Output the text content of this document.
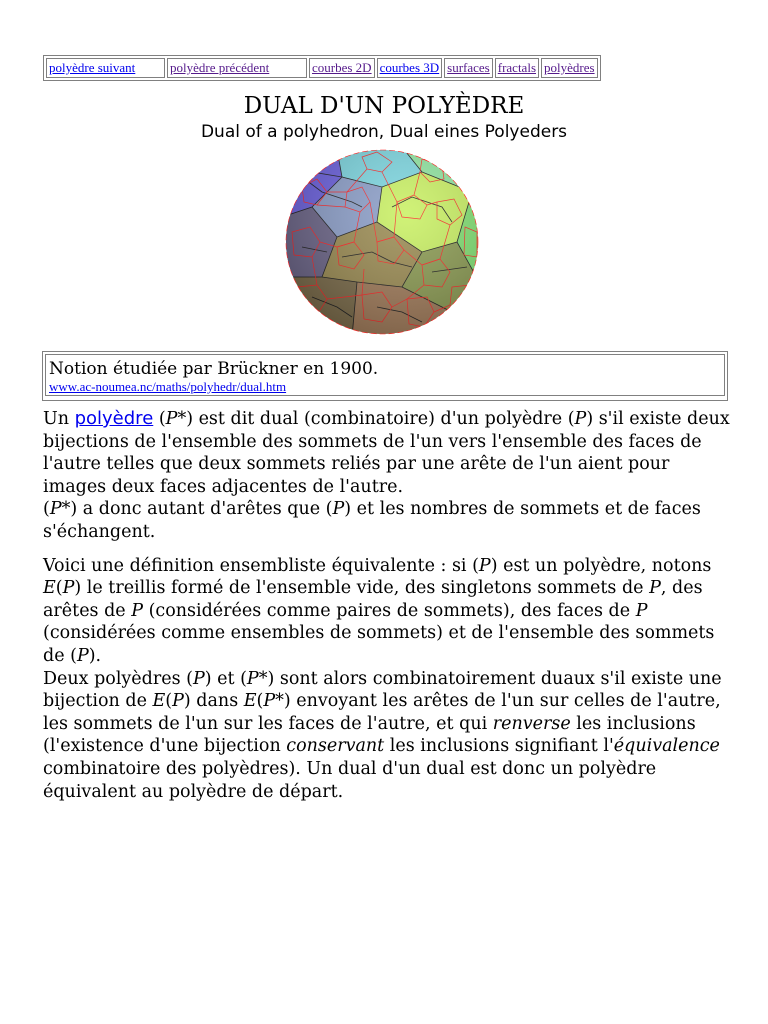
polyèdre suivant	polyèdre précédent	courbes 2D	courbes 3D	surfaces	fractals	polyèdres
DUAL D'UN POLYÈDRE
Dual of a polyhedron, Dual eines Polyeders
Notion étudiée par Brückner en 1900.
www.ac-noumea.nc/maths/polyhedr/dual.htm

Un polyèdre (P*) est dit dual (combinatoire) d'un polyèdre (P) s'il existe deux bijections de l'ensemble des sommets de l'un vers l'ensemble des faces de l'autre telles que deux sommets reliés par une arête de l'un aient pour images deux faces adjacentes de l'autre.
(P*) a donc autant d'arêtes que (P) et les nombres de sommets et de faces s'échangent.

Voici une définition ensembliste équivalente : si (P) est un polyèdre, notons E(P) le treillis formé de l'ensemble vide, des singletons sommets de P, des arêtes de P (considérées comme paires de sommets), des faces de P (considérées comme ensembles de sommets) et de l'ensemble des sommets de (P).
Deux polyèdres (P) et (P*) sont alors combinatoirement duaux s'il existe une bijection de E(P) dans E(P*) envoyant les arêtes de l'un sur celles de l'autre, les sommets de l'un sur les faces de l'autre, et qui renverse les inclusions (l'existence d'une bijection conservant les inclusions signifiant l'équivalence combinatoire des polyèdres). Un dual d'un dual est donc un polyèdre équivalent au polyèdre de départ.
